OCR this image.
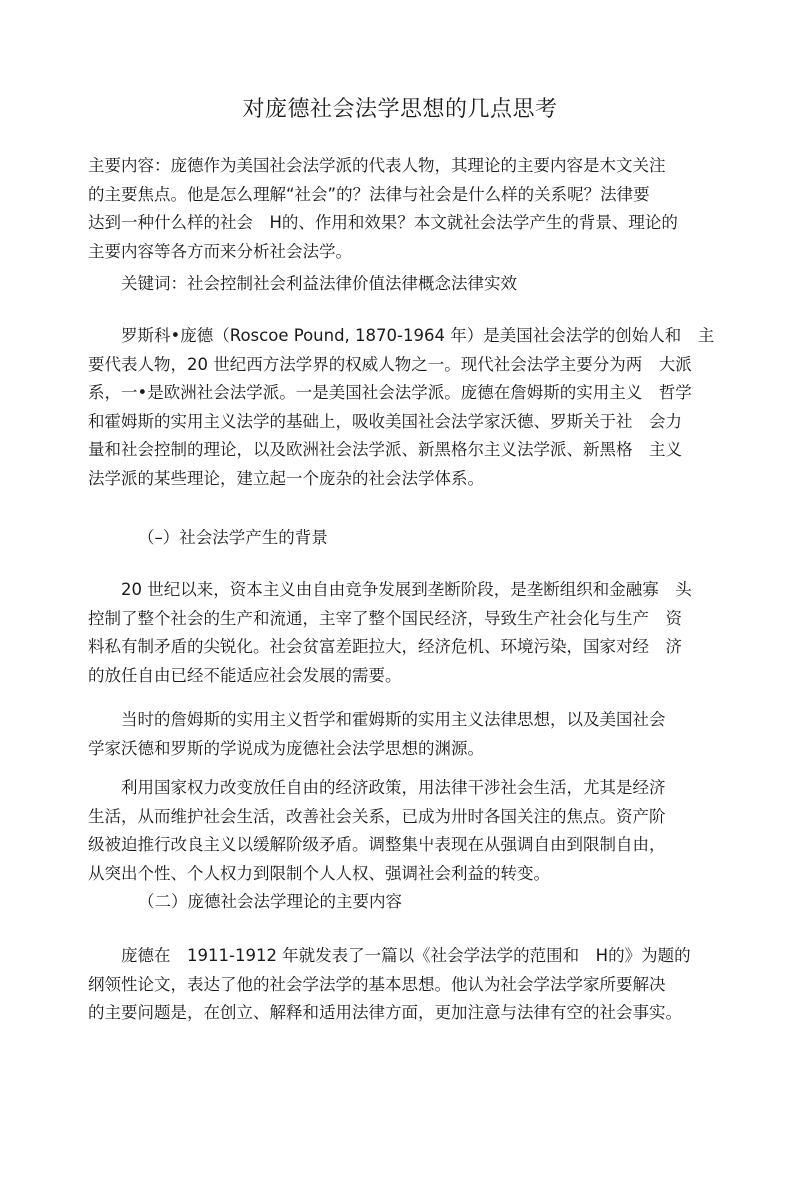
对庞德社会法学思想的几点思考
主要内容：庞德作为美国社会法学派的代表人物，其理论的主要内容是木文关注
的主要焦点。他是怎么理解“社会”的？法律与社会是什么样的关系呢？法律要
达到一种什么样的社会　H的、作用和效果？本文就社会法学产生的背景、理论的
主要内容等各方而来分析社会法学。
关键词：社会控制社会利益法律价值法律概念法律实效
罗斯科•庞德（Roscoe Pound, 1870-1964 年）是美国社会法学的创始人和　主
要代表人物，20 世纪西方法学界的权威人物之一。现代社会法学主要分为两　大派
系，一•是欧洲社会法学派。一是美国社会法学派。庞德在詹姆斯的实用主义　哲学
和霍姆斯的实用主义法学的基础上，吸收美国社会法学家沃德、罗斯关于社　会力
量和社会控制的理论，以及欧洲社会法学派、新黑格尔主义法学派、新黑格　主义
法学派的某些理论，建立起一个庞杂的社会法学体系。
（–）社会法学产生的背景
20 世纪以来，资本主义由自由竞争发展到垄断阶段，是垄断组织和金融寡　头
控制了整个社会的生产和流通，主宰了整个国民经济，导致生产社会化与生产　资
料私有制矛盾的尖锐化。社会贫富差距拉大，经济危机、环境污染，国家对经　济
的放任自由已经不能适应社会发展的需要。
当时的詹姆斯的实用主义哲学和霍姆斯的实用主义法律思想，以及美国社会
学家沃德和罗斯的学说成为庞德社会法学思想的渊源。
利用国家权力改变放任自由的经济政策，用法律干涉社会生活，尤其是经济
生活，从而维护社会生活，改善社会关系，已成为卅时各国关注的焦点。资产阶
级被迫推行改良主义以缓解阶级矛盾。调整集屮表现在从强调自由到限制自由，
从突出个性、个人权力到限制个人人权、强调社会利益的转变。
（二）庞德社会法学理论的主要内容
庞德在　1911-1912 年就发表了一篇以《社会学法学的范围和　H的》为题的
纲领性论文，表达了他的社会学法学的基本思想。他认为社会学法学家所要解决
的主要问题是，在创立、解释和适用法律方面，更加注意与法律有空的社会事实。
